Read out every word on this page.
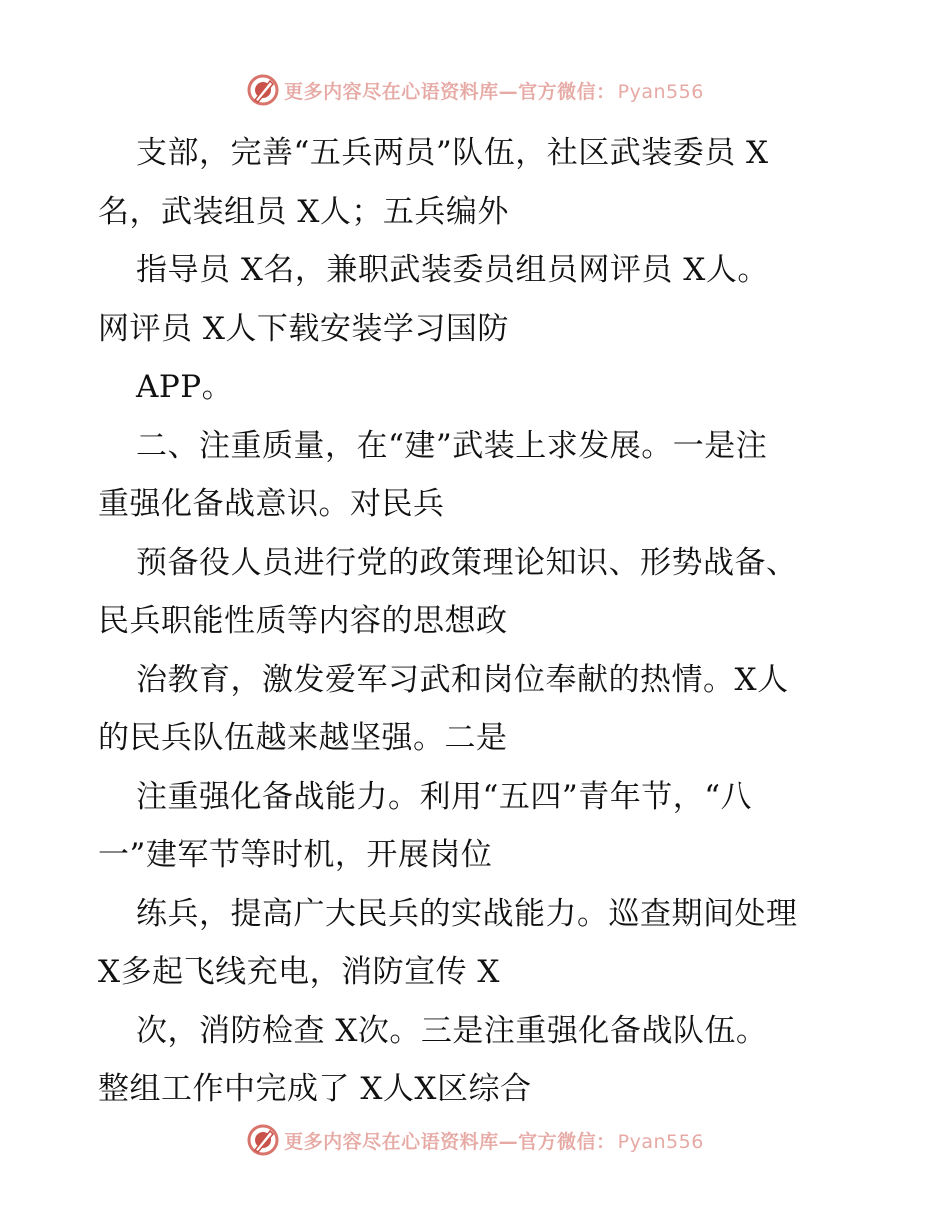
更多内容尽在心语资料库—官方微信： Pyan556
支部，完善“五兵两员”队伍，社区武装委员 X
名，武装组员 X人；五兵编外
指导员 X名，兼职武装委员组员网评员 X人。
网评员 X人下载安装学习国防
APP。
二、注重质量，在“建”武装上求发展。一是注
重强化备战意识。对民兵
预备役人员进行党的政策理论知识、形势战备、
民兵职能性质等内容的思想政
治教育，激发爱军习武和岗位奉献的热情。X人
的民兵队伍越来越坚强。二是
注重强化备战能力。利用“五四”青年节，“八
一”建军节等时机，开展岗位
练兵，提高广大民兵的实战能力。巡查期间处理
X多起飞线充电，消防宣传 X
次，消防检查 X次。三是注重强化备战队伍。
整组工作中完成了 X人X区综合
更多内容尽在心语资料库—官方微信： Pyan556
